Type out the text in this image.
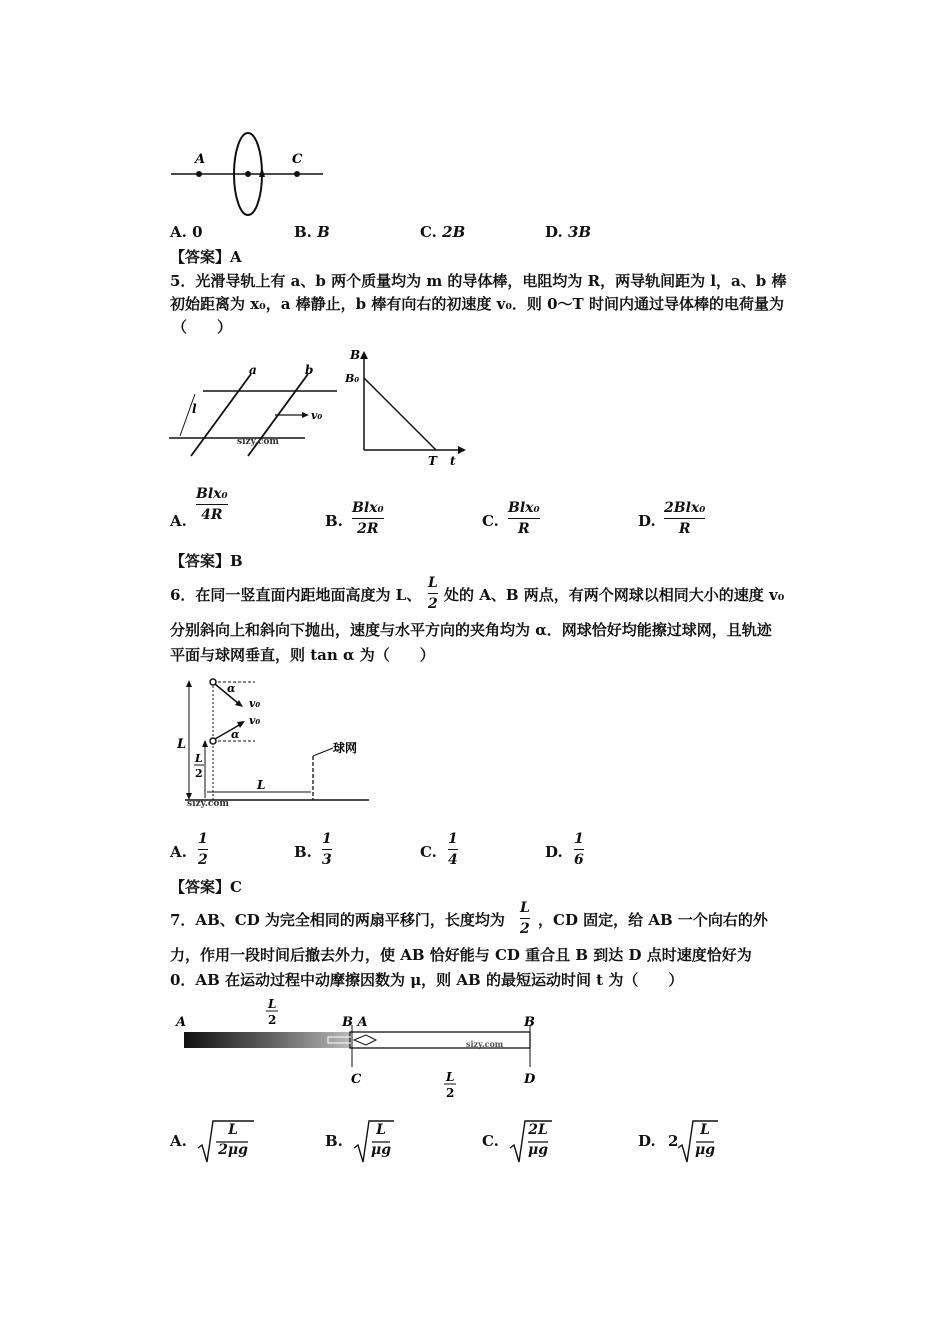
A	C
A. 0	B. B	C. 2B	D. 3B
【答案】A
5．光滑导轨上有 a、b 两个质量均为 m 的导体棒，电阻均为 R，两导轨间距为 l，a、b 棒
初始距离为 x₀，a 棒静止，b 棒有向右的初速度 v₀．则 0～T 时间内通过导体棒的电荷量为
（　　）
a	b
l	v₀
sizy.com
B
B₀
T t
A.
Blx₀
4R	B.
Blx₀
2R	C.
Blx₀
R	D.
2Blx₀
R
【答案】B
6．在同一竖直面内距地面高度为 L、
L
2 处的 A、B 两点，有两个网球以相同大小的速度 v₀
分别斜向上和斜向下抛出，速度与水平方向的夹角均为 α．网球恰好均能擦过球网，且轨迹
平面与球网垂直，则 tan α 为（　　）
α
v₀
v₀
α
L
L
2
L
球网
sizy.com
A.
1
2	B.
1
3	C.
1
4	D.
1
6
【答案】C
7．AB、CD 为完全相同的两扇平移门，长度均为
L
2 ，CD 固定，给 AB 一个向右的外
力，作用一段时间后撤去外力，使 AB 恰好能与 CD 重合且 B 到达 D 点时速度恰好为
0．AB 在运动过程中动摩擦因数为 μ，则 AB 的最短运动时间 t 为（　　）
A	B A	B
C	D
L
2
L
2
sizy.com
A.
L
2μg	B.
L
μg	C.
2L
μg	D. 2
L
μg
